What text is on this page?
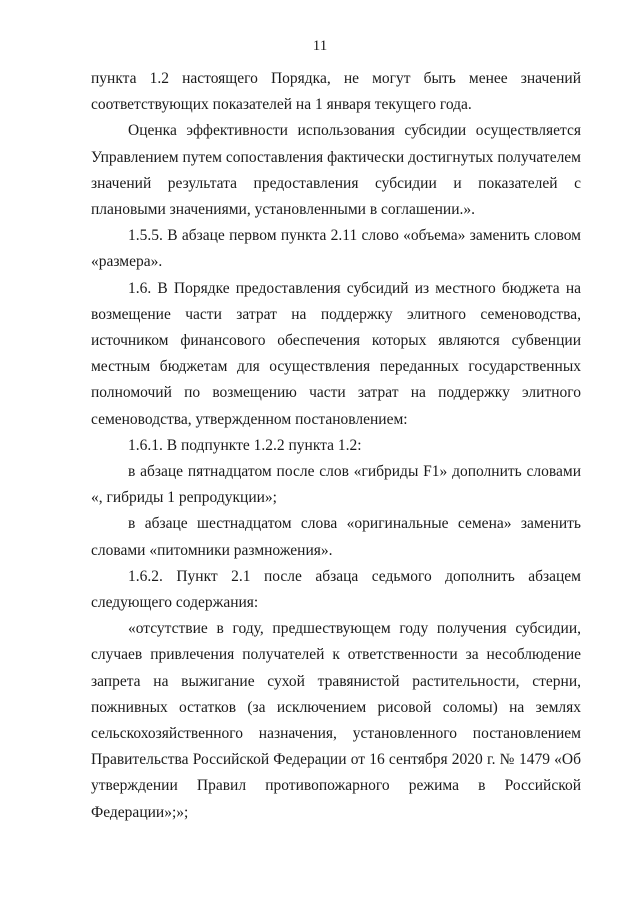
11

пункта 1.2 настоящего Порядка, не могут быть менее значений соответствующих показателей на 1 января текущего года.

Оценка эффективности использования субсидии осуществляется Управлением путем сопоставления фактически достигнутых получателем значений результата предоставления субсидии и показателей с плановыми значениями, установленными в соглашении.».

1.5.5. В абзаце первом пункта 2.11 слово «объема» заменить словом «размера».

1.6. В Порядке предоставления субсидий из местного бюджета на возмещение части затрат на поддержку элитного семеноводства, источником финансового обеспечения которых являются субвенции местным бюджетам для осуществления переданных государственных полномочий по возмещению части затрат на поддержку элитного семеноводства, утвержденном постановлением:

1.6.1. В подпункте 1.2.2 пункта 1.2:

в абзаце пятнадцатом после слов «гибриды F1» дополнить словами «, гибриды 1 репродукции»;

в абзаце шестнадцатом слова «оригинальные семена» заменить словами «питомники размножения».

1.6.2. Пункт 2.1 после абзаца седьмого дополнить абзацем следующего содержания:

«отсутствие в году, предшествующем году получения субсидии, случаев привлечения получателей к ответственности за несоблюдение запрета на выжигание сухой травянистой растительности, стерни, пожнивных остатков (за исключением рисовой соломы) на землях сельскохозяйственного назначения, установленного постановлением Правительства Российской Федерации от 16 сентября 2020 г. № 1479 «Об утверждении Правил противопожарного режима в Российской Федерации»;»;
